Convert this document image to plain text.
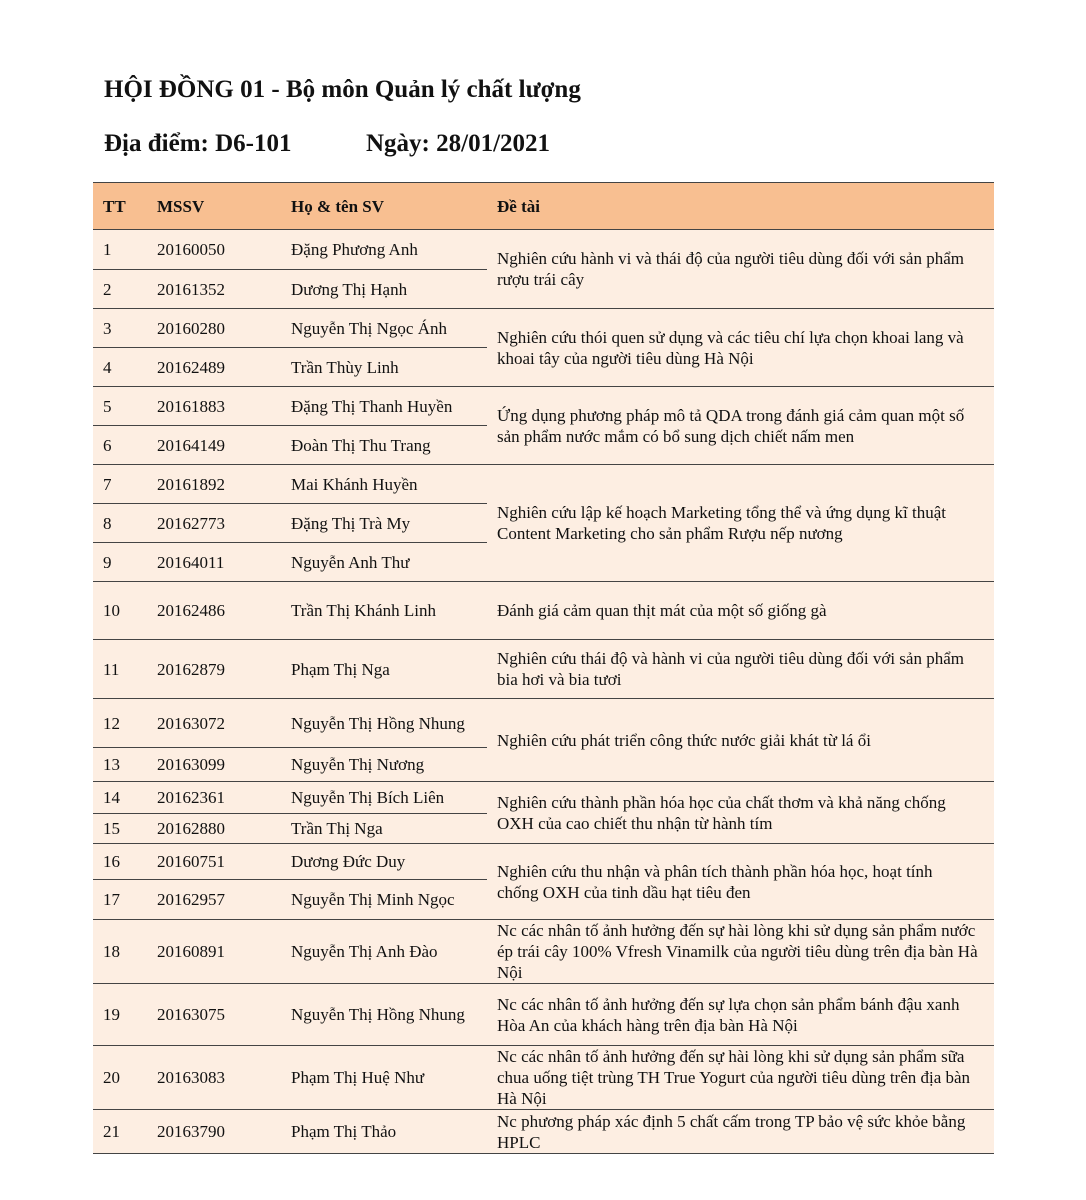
HỘI ĐỒNG 01 - Bộ môn Quản lý chất lượng
Địa điểm: D6-101	Ngày: 28/01/2021
TT	MSSV	Họ & tên SV	Đề tài
1	20160050	Đặng Phương Anh	Nghiên cứu hành vi và thái độ của người tiêu dùng đối với sản phẩm rượu trái cây
2	20161352	Dương Thị Hạnh	
3	20160280	Nguyễn Thị Ngọc Ánh	Nghiên cứu thói quen sử dụng và các tiêu chí lựa chọn khoai lang và khoai tây của người tiêu dùng Hà Nội
4	20162489	Trần Thùy Linh	
5	20161883	Đặng Thị Thanh Huyền	Ứng dụng phương pháp mô tả QDA trong đánh giá cảm quan một số sản phẩm nước mắm có bổ sung dịch chiết nấm men
6	20164149	Đoàn Thị Thu Trang	
7	20161892	Mai Khánh Huyền	Nghiên cứu lập kế hoạch Marketing tổng thể và ứng dụng kĩ thuật Content Marketing cho sản phẩm Rượu nếp nương
8	20162773	Đặng Thị Trà My	
9	20164011	Nguyễn Anh Thư	
10	20162486	Trần Thị Khánh Linh	Đánh giá cảm quan thịt mát của một số giống gà
11	20162879	Phạm Thị Nga	Nghiên cứu thái độ và hành vi của người tiêu dùng đối với sản phẩm bia hơi và bia tươi
12	20163072	Nguyễn Thị Hồng Nhung	Nghiên cứu phát triển công thức nước giải khát từ lá ổi
13	20163099	Nguyễn Thị Nương	
14	20162361	Nguyễn Thị Bích Liên	Nghiên cứu thành phần hóa học của chất thơm và khả năng chống OXH của cao chiết thu nhận từ hành tím
15	20162880	Trần Thị Nga	
16	20160751	Dương Đức Duy	Nghiên cứu thu nhận và phân tích thành phần hóa học, hoạt tính chống OXH của tinh dầu hạt tiêu đen
17	20162957	Nguyễn Thị Minh Ngọc	
18	20160891	Nguyễn Thị Anh Đào	Nc các nhân tố ảnh hưởng đến sự hài lòng khi sử dụng sản phẩm nước ép trái cây 100% Vfresh Vinamilk của người tiêu dùng trên địa bàn Hà Nội
19	20163075	Nguyễn Thị Hồng Nhung	Nc các nhân tố ảnh hưởng đến sự lựa chọn sản phẩm bánh đậu xanh Hòa An của khách hàng trên địa bàn Hà Nội
20	20163083	Phạm Thị Huệ Như	Nc các nhân tố ảnh hưởng đến sự hài lòng khi sử dụng sản phẩm sữa chua uống tiệt trùng TH True Yogurt của người tiêu dùng trên địa bàn Hà Nội
21	20163790	Phạm Thị Thảo	Nc phương pháp xác định 5 chất cấm trong TP bảo vệ sức khỏe bằng HPLC
